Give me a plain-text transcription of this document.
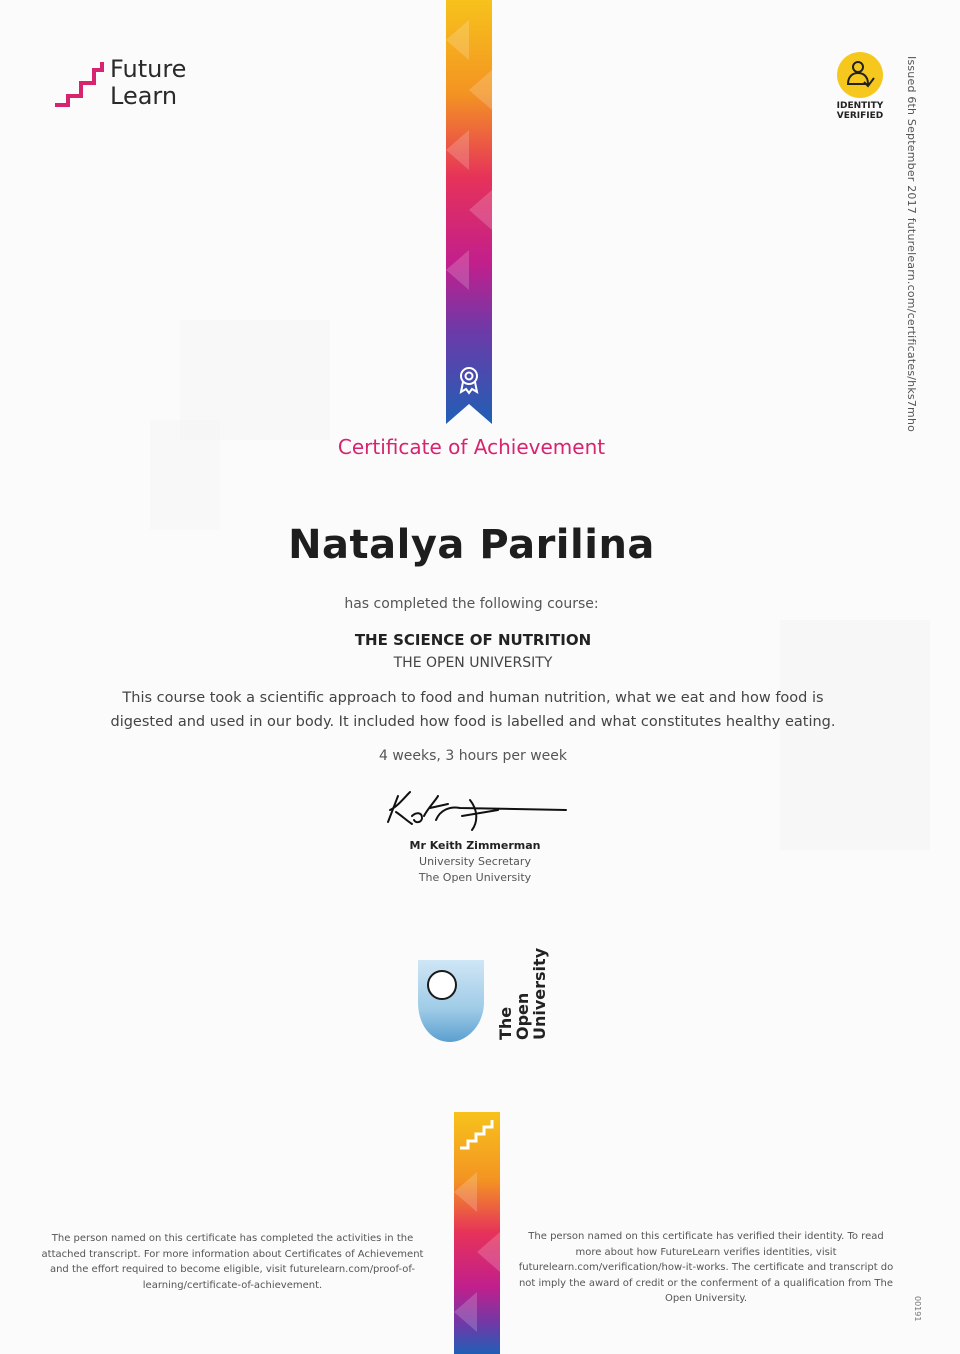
Future
Learn
Certificate of Achievement
Natalya Parilina
has completed the following course:
THE SCIENCE OF NUTRITION
THE OPEN UNIVERSITY
This course took a scientific approach to food and human nutrition, what we eat and how food is digested and used in our body. It included how food is labelled and what constitutes healthy eating.
4 weeks, 3 hours per week
Mr Keith Zimmerman
University Secretary
The Open University
The Open
University
IDENTITY
VERIFIED Issued 6th September 2017 futurelearn.com/certificates/hks7mho
The person named on this certificate has completed the activities in the attached transcript. For more information about Certificates of Achievement and the effort required to become eligible, visit futurelearn.com/proof-of-learning/certificate-of-achievement.
The person named on this certificate has verified their identity. To read more about how FutureLearn verifies identities, visit futurelearn.com/verification/how-it-works. The certificate and transcript do not imply the award of credit or the conferment of a qualification from The Open University.	00191
